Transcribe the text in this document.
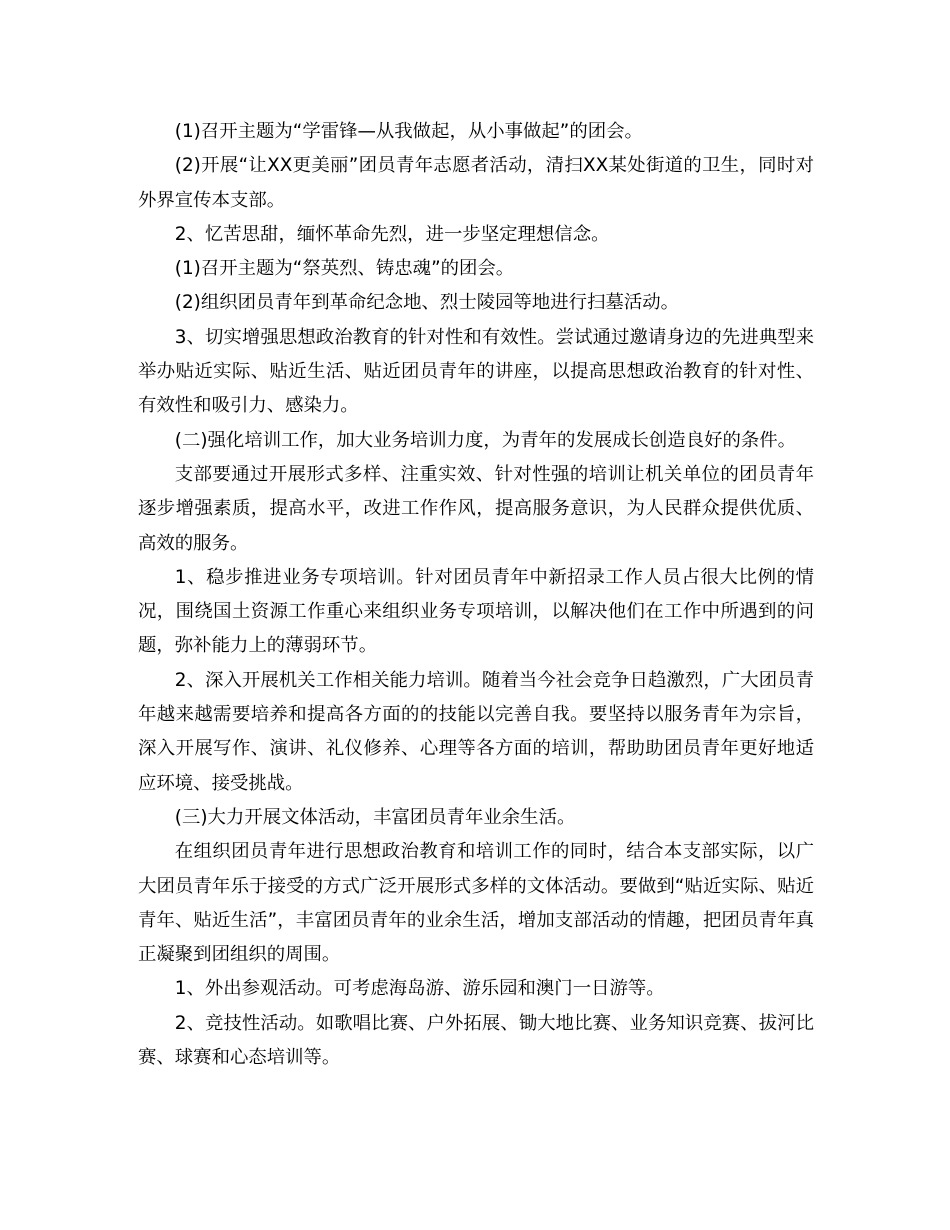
(1)召开主题为“学雷锋—从我做起，从小事做起”的团会。

(2)开展“让XX更美丽”团员青年志愿者活动，清扫XX某处街道的卫生，同时对外界宣传本支部。

2、忆苦思甜，缅怀革命先烈，进一步坚定理想信念。

(1)召开主题为“祭英烈、铸忠魂”的团会。

(2)组织团员青年到革命纪念地、烈士陵园等地进行扫墓活动。

3、切实增强思想政治教育的针对性和有效性。尝试通过邀请身边的先进典型来举办贴近实际、贴近生活、贴近团员青年的讲座，以提高思想政治教育的针对性、有效性和吸引力、感染力。

(二)强化培训工作，加大业务培训力度，为青年的发展成长创造良好的条件。

支部要通过开展形式多样、注重实效、针对性强的培训让机关单位的团员青年逐步增强素质，提高水平，改进工作作风，提高服务意识，为人民群众提供优质、高效的服务。

1、稳步推进业务专项培训。针对团员青年中新招录工作人员占很大比例的情况，围绕国土资源工作重心来组织业务专项培训，以解决他们在工作中所遇到的问题，弥补能力上的薄弱环节。

2、深入开展机关工作相关能力培训。随着当今社会竞争日趋激烈，广大团员青年越来越需要培养和提高各方面的的技能以完善自我。要坚持以服务青年为宗旨，深入开展写作、演讲、礼仪修养、心理等各方面的培训，帮助助团员青年更好地适应环境、接受挑战。

(三)大力开展文体活动，丰富团员青年业余生活。

在组织团员青年进行思想政治教育和培训工作的同时，结合本支部实际，以广大团员青年乐于接受的方式广泛开展形式多样的文体活动。要做到“贴近实际、贴近青年、贴近生活”，丰富团员青年的业余生活，增加支部活动的情趣，把团员青年真正凝聚到团组织的周围。

1、外出参观活动。可考虑海岛游、游乐园和澳门一日游等。

2、竞技性活动。如歌唱比赛、户外拓展、锄大地比赛、业务知识竞赛、拔河比赛、球赛和心态培训等。
